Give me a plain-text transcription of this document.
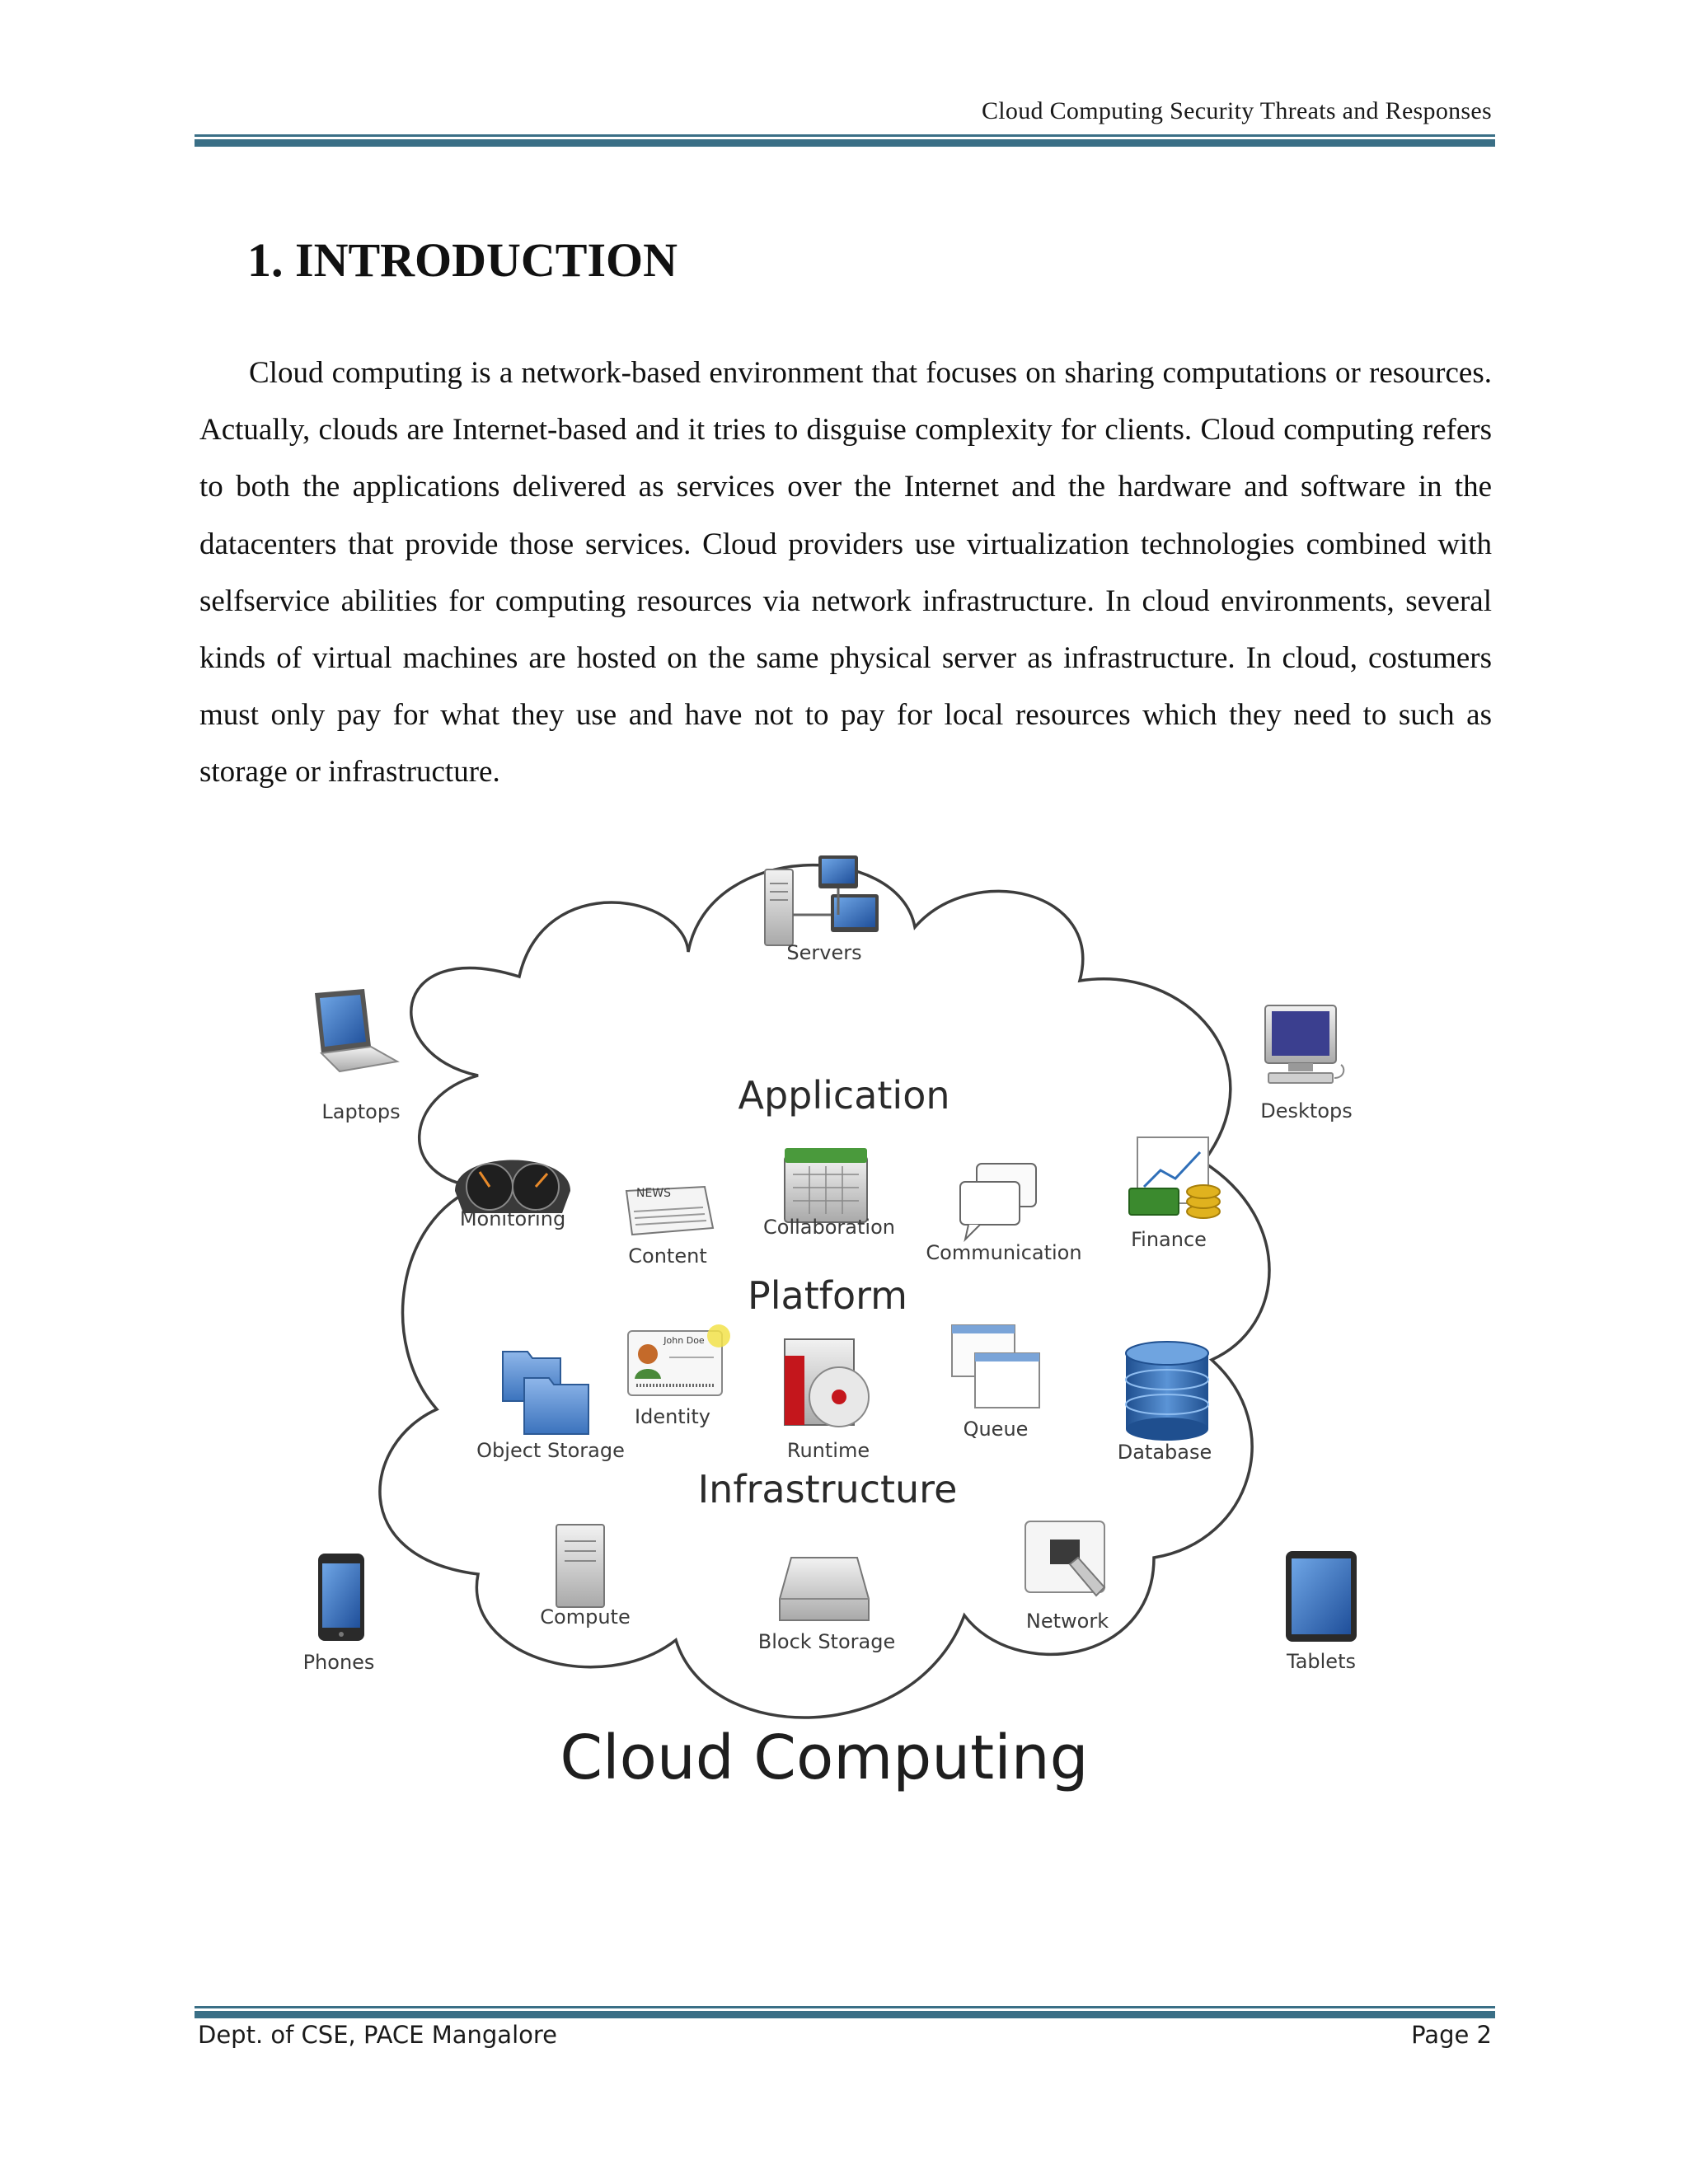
Cloud Computing Security Threats and Responses
1. INTRODUCTION

Cloud computing is a network-based environment that focuses on sharing computations or resources. Actually, clouds are Internet-based and it tries to disguise complexity for clients. Cloud computing refers to both the applications delivered as services over the Internet and the hardware and software in the datacenters that provide those services. Cloud providers use virtualization technologies combined with selfservice abilities for computing resources via network infrastructure. In cloud environments, several kinds of virtual machines are hosted on the same physical server as infrastructure. In cloud, costumers must only pay for what they use and have not to pay for local resources which they need to such as storage or infrastructure.

Servers
Laptops	Desktops
Phones	Tablets
Application
Platform
Infrastructure
Monitoring
Content
Collaboration
Communication
Finance
Object Storage
Identity
Runtime
Queue
Database
Compute
Block Storage
Network
NEWS
John Doe
Cloud Computing
Dept. of CSE, PACE Mangalore	Page 2
